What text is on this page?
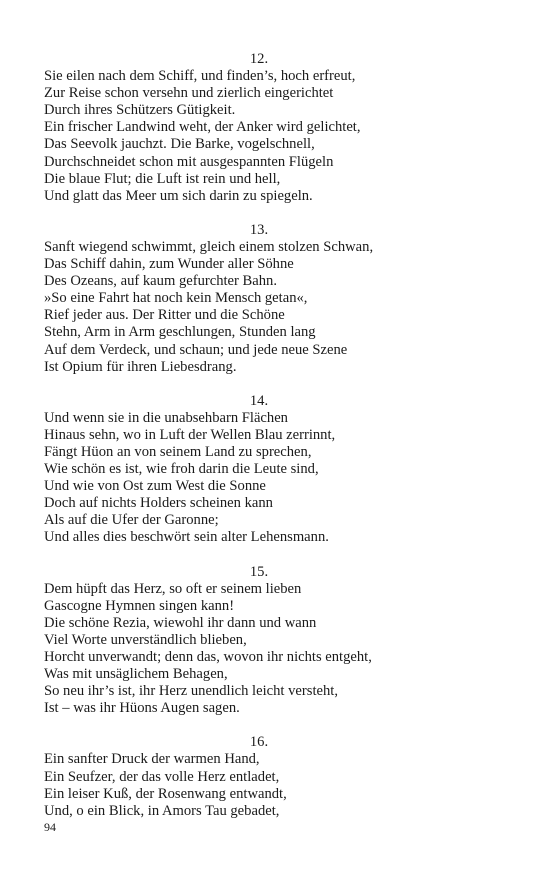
12.
Sie eilen nach dem Schiff, und finden’s, hoch erfreut,
Zur Reise schon versehn und zierlich eingerichtet
Durch ihres Schützers Gütigkeit.
Ein frischer Landwind weht, der Anker wird gelichtet,
Das Seevolk jauchzt. Die Barke, vogelschnell,
Durchschneidet schon mit ausgespannten Flügeln
Die blaue Flut; die Luft ist rein und hell,
Und glatt das Meer um sich darin zu spiegeln.
13.
Sanft wiegend schwimmt, gleich einem stolzen Schwan,
Das Schiff dahin, zum Wunder aller Söhne
Des Ozeans, auf kaum gefurchter Bahn.
»So eine Fahrt hat noch kein Mensch getan«,
Rief jeder aus. Der Ritter und die Schöne
Stehn, Arm in Arm geschlungen, Stunden lang
Auf dem Verdeck, und schaun; und jede neue Szene
Ist Opium für ihren Liebesdrang.
14.
Und wenn sie in die unabsehbarn Flächen
Hinaus sehn, wo in Luft der Wellen Blau zerrinnt,
Fängt Hüon an von seinem Land zu sprechen,
Wie schön es ist, wie froh darin die Leute sind,
Und wie von Ost zum West die Sonne
Doch auf nichts Holders scheinen kann
Als auf die Ufer der Garonne;
Und alles dies beschwört sein alter Lehensmann.
15.
Dem hüpft das Herz, so oft er seinem lieben
Gascogne Hymnen singen kann!
Die schöne Rezia, wiewohl ihr dann und wann
Viel Worte unverständlich blieben,
Horcht unverwandt; denn das, wovon ihr nichts entgeht,
Was mit unsäglichem Behagen,
So neu ihr’s ist, ihr Herz unendlich leicht versteht,
Ist – was ihr Hüons Augen sagen.
16.
Ein sanfter Druck der warmen Hand,
Ein Seufzer, der das volle Herz entladet,
Ein leiser Kuß, der Rosenwang entwandt,
Und, o ein Blick, in Amors Tau gebadet,
94
